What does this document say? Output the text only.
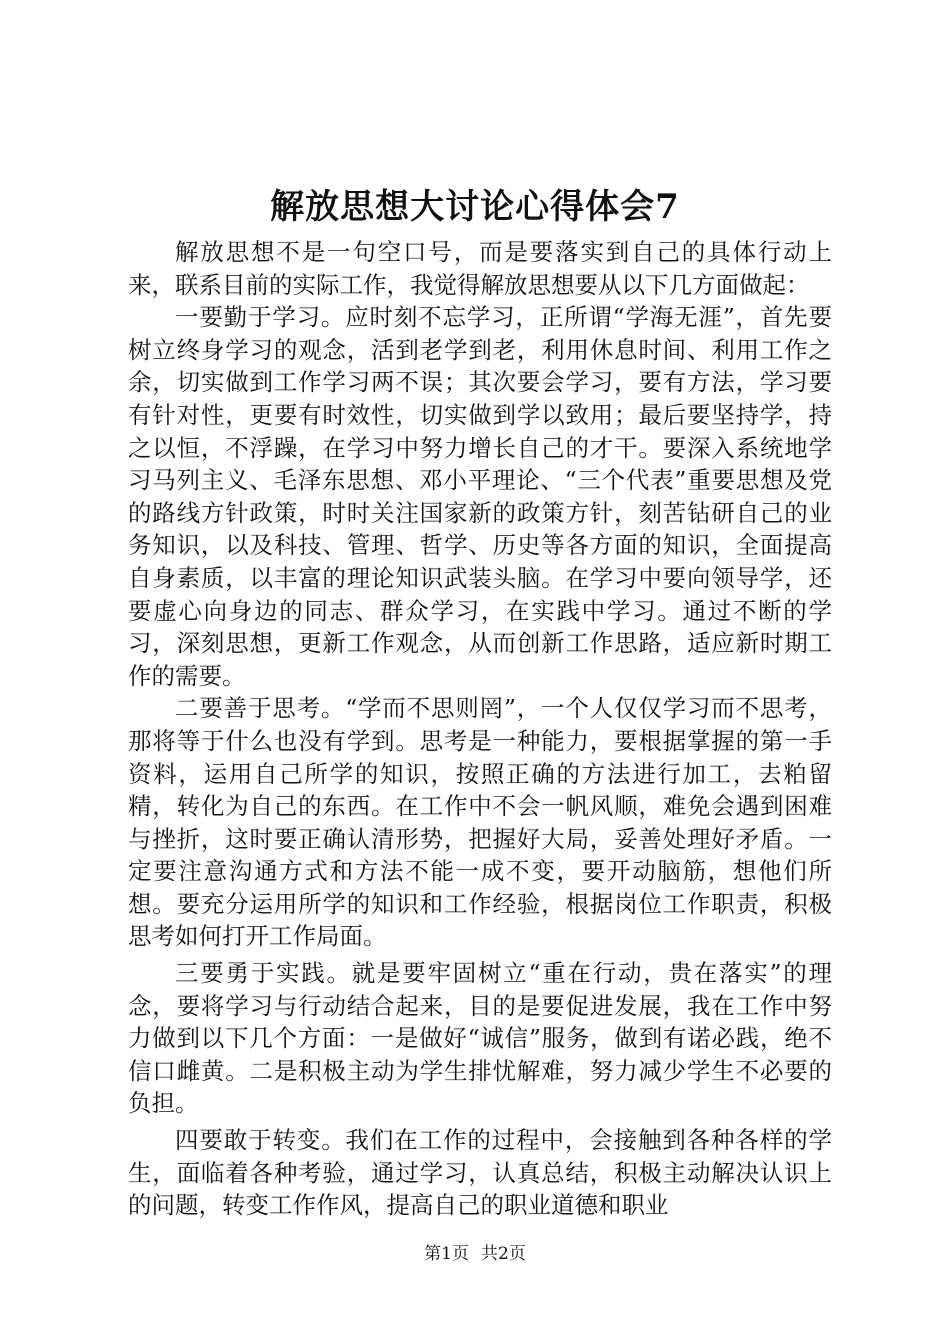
解放思想大讨论心得体会7

解放思想不是一句空口号，而是要落实到自己的具体行动上来，联系目前的实际工作，我觉得解放思想要从以下几方面做起：

一要勤于学习。应时刻不忘学习，正所谓“学海无涯”，首先要树立终身学习的观念，活到老学到老，利用休息时间、利用工作之余，切实做到工作学习两不误；其次要会学习，要有方法，学习要有针对性，更要有时效性，切实做到学以致用；最后要坚持学，持之以恒，不浮躁，在学习中努力增长自己的才干。要深入系统地学习马列主义、毛泽东思想、邓小平理论、“三个代表”重要思想及党的路线方针政策，时时关注国家新的政策方针，刻苦钻研自己的业务知识，以及科技、管理、哲学、历史等各方面的知识，全面提高自身素质，以丰富的理论知识武装头脑。在学习中要向领导学，还要虚心向身边的同志、群众学习，在实践中学习。通过不断的学习，深刻思想，更新工作观念，从而创新工作思路，适应新时期工作的需要。

二要善于思考。“学而不思则罔”，一个人仅仅学习而不思考，那将等于什么也没有学到。思考是一种能力，要根据掌握的第一手资料，运用自己所学的知识，按照正确的方法进行加工，去粕留精，转化为自己的东西。在工作中不会一帆风顺，难免会遇到困难与挫折，这时要正确认清形势，把握好大局，妥善处理好矛盾。一定要注意沟通方式和方法不能一成不变，要开动脑筋，想他们所想。要充分运用所学的知识和工作经验，根据岗位工作职责，积极思考如何打开工作局面。

三要勇于实践。就是要牢固树立“重在行动，贵在落实”的理念，要将学习与行动结合起来，目的是要促进发展，我在工作中努力做到以下几个方面：一是做好“诚信”服务，做到有诺必践，绝不信口雌黄。二是积极主动为学生排忧解难，努力减少学生不必要的负担。

四要敢于转变。我们在工作的过程中，会接触到各种各样的学生，面临着各种考验，通过学习，认真总结，积极主动解决认识上的问题，转变工作作风，提高自己的职业道德和职业

第1页 共2页
